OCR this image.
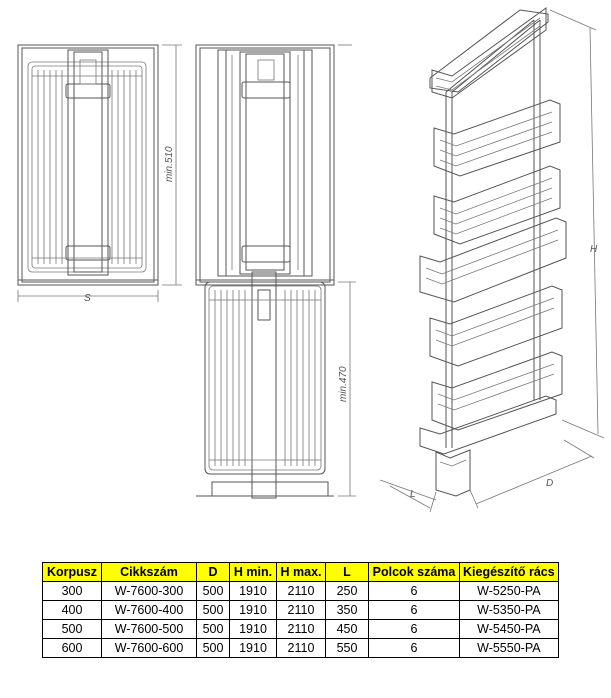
S
min.510
min.470
H
D
L
Korpusz	Cikkszám	D	H min.	H max.	L	Polcok száma	Kiegészítő rács
300	W-7600-300	500	1910	2110	250	6	W-5250-PA
400	W-7600-400	500	1910	2110	350	6	W-5350-PA
500	W-7600-500	500	1910	2110	450	6	W-5450-PA
600	W-7600-600	500	1910	2110	550	6	W-5550-PA
